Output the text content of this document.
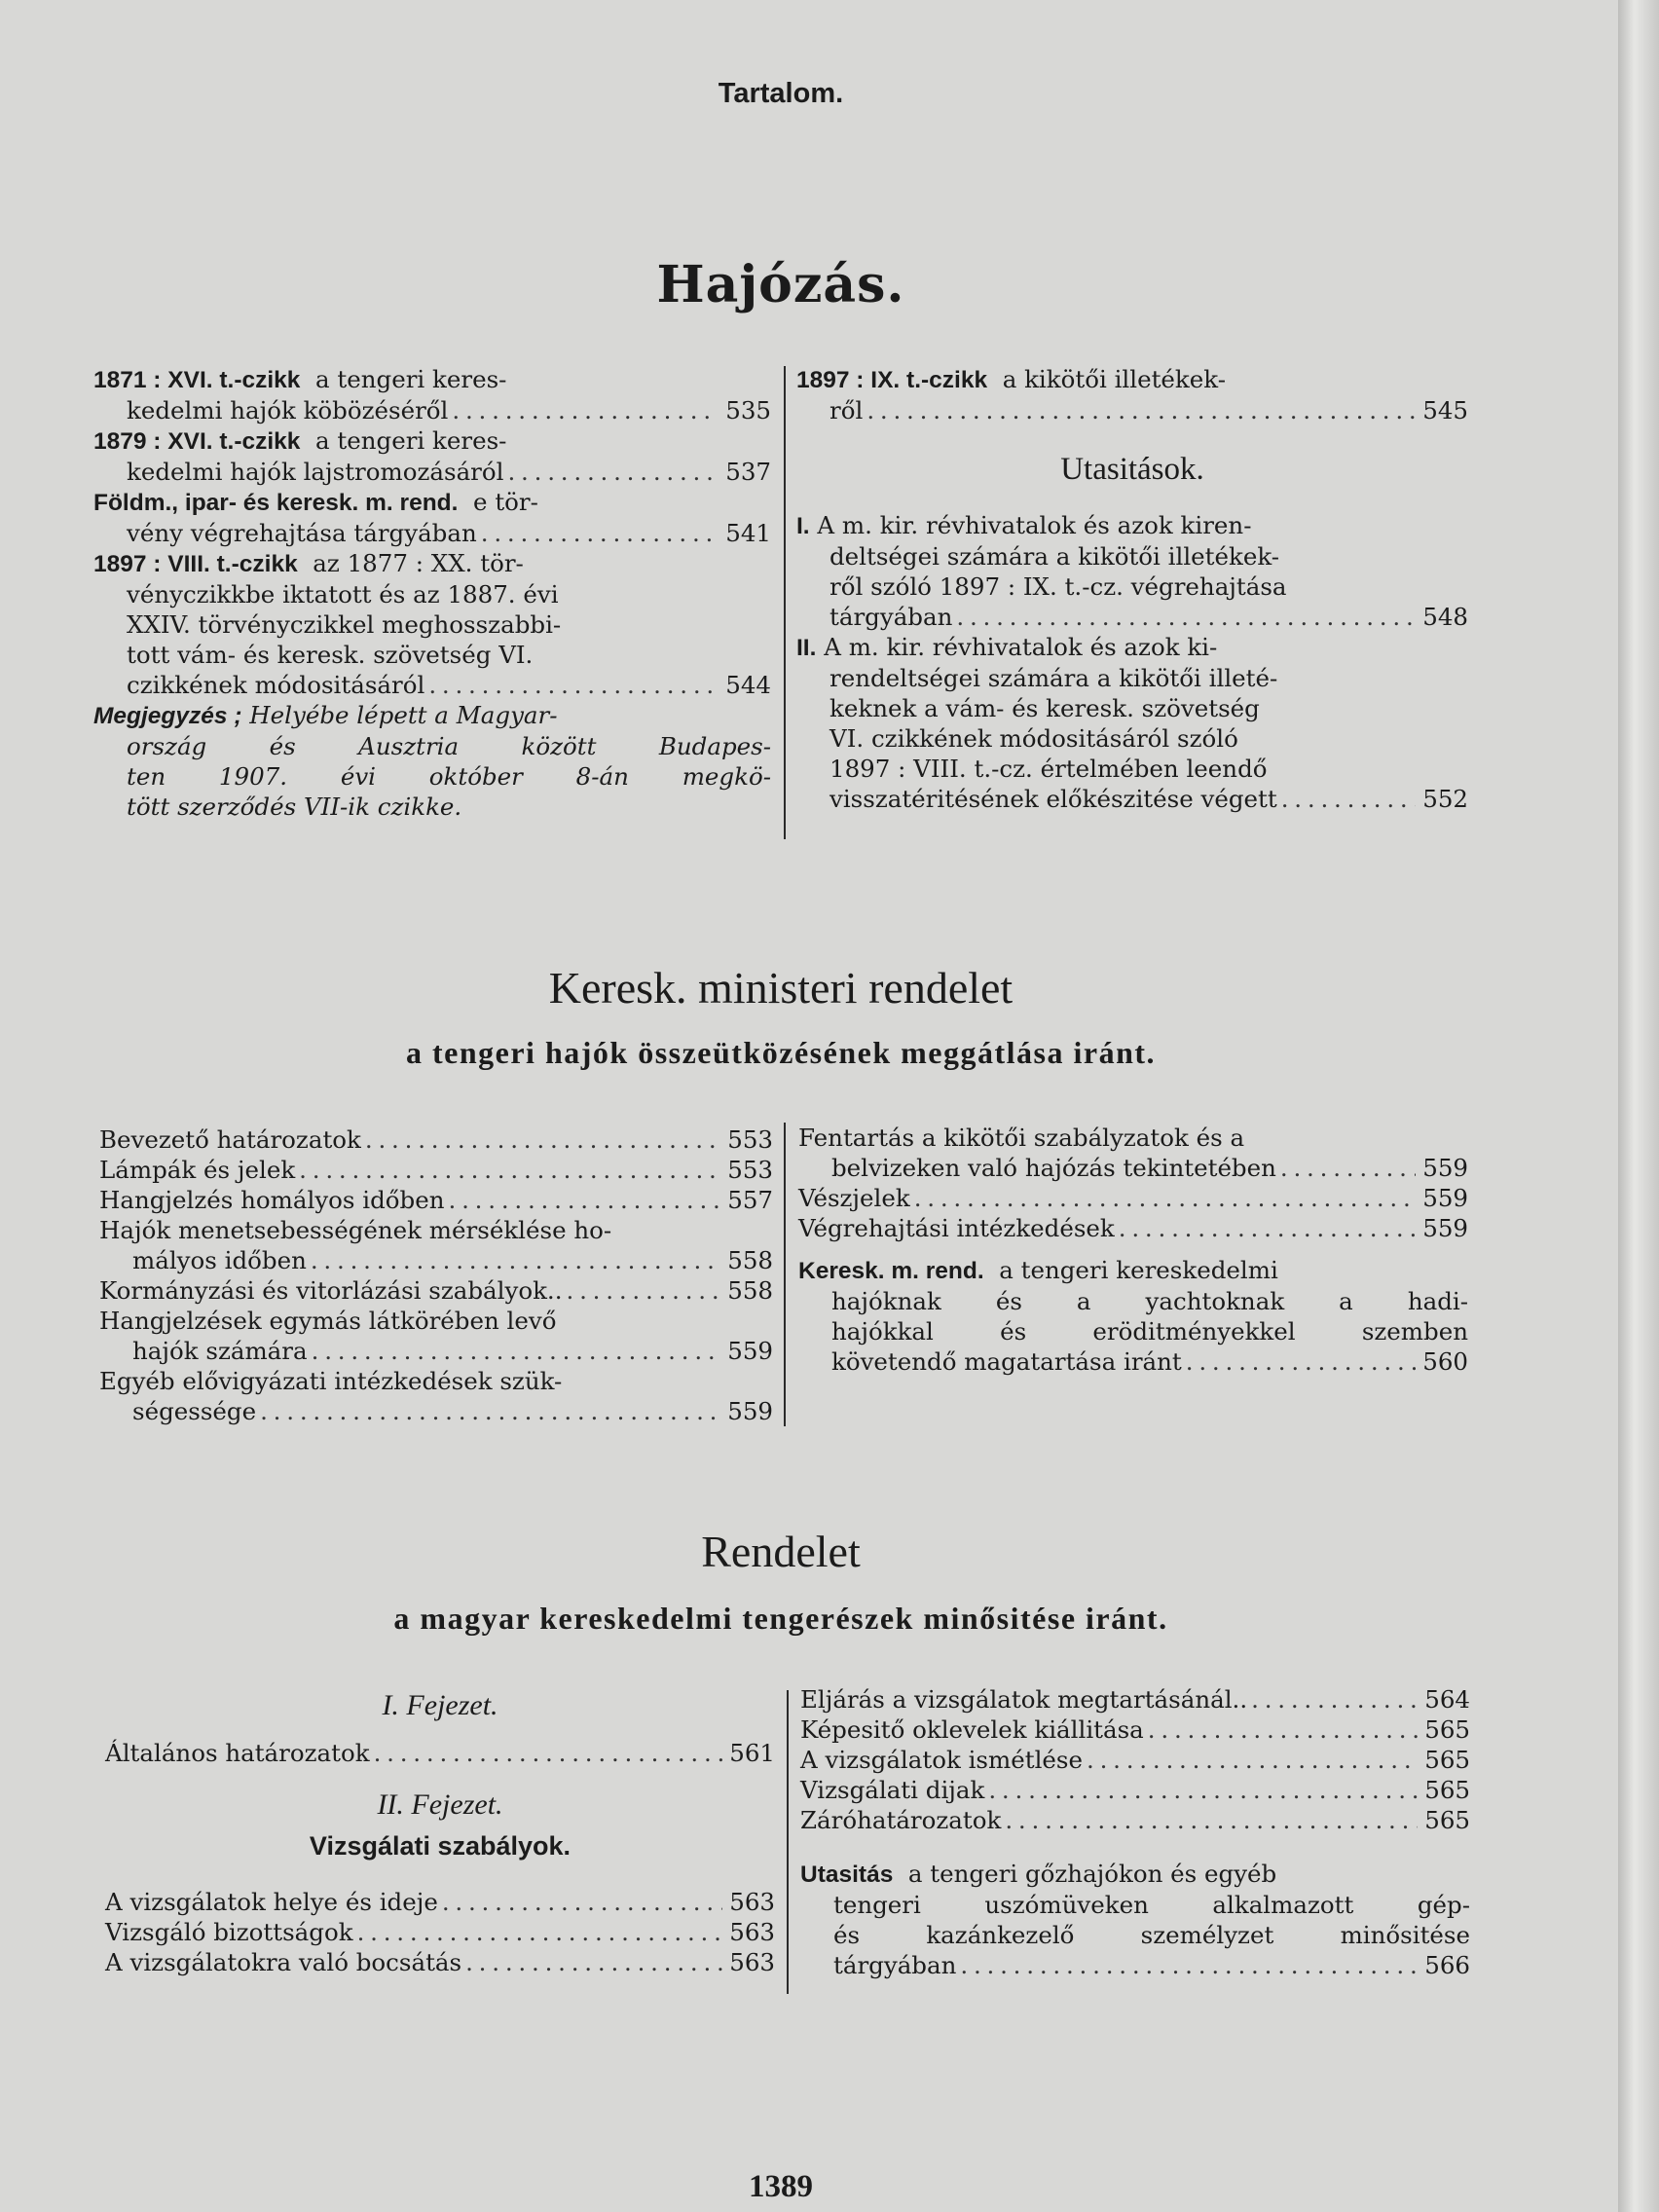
Tartalom.
Hajózás.
1871 : XVI. t.-czikk
a tengeri keres-
kedelmi hajók köbözéséről . . .	535
1879 : XVI. t.-czikk
a tengeri keres-
kedelmi hajók lajstromozásáról . . .	537
Földm., ipar- és keresk. m. rend.
e tör-
vény végrehajtása tárgyában . . .	541
1897 : VIII. t.-czikk
az 1877 : XX. tör-
vényczikkbe iktatott és az 1887. évi
XXIV. törvényczikkel meghosszabbi-
tott vám- és keresk. szövetség VI.
czikkének módositásáról . . .	544
Megjegyzés ;
Helyébe lépett a Magyar-
ország és Ausztria között Budapes-
ten 1907. évi október 8-án megkö-
tött szerződés VII-ik czikke.
1897 : IX. t.-czikk
a kikötői illetékek-
ről . . .	545
Utasitások.
I.
A m. kir. révhivatalok és azok kiren-
deltségei számára a kikötői illetékek-
ről szóló 1897 : IX. t.-cz. végrehajtása
tárgyában . . .	548
II.
A m. kir. révhivatalok és azok ki-
rendeltségei számára a kikötői illeté-
keknek a vám- és keresk. szövetség
VI. czikkének módositásáról szóló
1897 : VIII. t.-cz. értelmében leendő
visszatéritésének előkészitése végett . . .	552
Keresk. ministeri rendelet
a tengeri hajók összeütközésének meggátlása iránt.
Bevezető határozatok . . .	553
Lámpák és jelek . . .	553
Hangjelzés homályos időben . . .	557
Hajók menetsebességének mérséklése ho-
mályos időben . . .	558
Kormányzási és vitorlázási szabályok.. . . .	558
Hangjelzések egymás látkörében levő
hajók számára . . .	559
Egyéb elővigyázati intézkedések szük-
ségessége . . .	559
Fentartás a kikötői szabályzatok és a
belvizeken való hajózás tekintetében . . .	559
Vészjelek . . .	559
Végrehajtási intézkedések . . .	559
Keresk. m. rend.
a tengeri kereskedelmi
hajóknak és a yachtoknak a hadi-
hajókkal és eröditményekkel szemben
követendő magatartása iránt . . .	560
Rendelet
a magyar kereskedelmi tengerészek minősitése iránt.
I. Fejezet.
Általános határozatok . . .	561
II. Fejezet.
Vizsgálati szabályok.
A vizsgálatok helye és ideje . . .	563
Vizsgáló bizottságok . . .	563
A vizsgálatokra való bocsátás . . .	563
Eljárás a vizsgálatok megtartásánál.. . . .	564
Képesitő oklevelek kiállitása . . .	565
A vizsgálatok ismétlése . . .	565
Vizsgálati dijak . . .	565
Záróhatározatok . . .	565
Utasitás
a tengeri gőzhajókon és egyéb
tengeri uszómüveken alkalmazott gép-
és kazánkezelő személyzet minősitése
tárgyában . . .	566
1389
